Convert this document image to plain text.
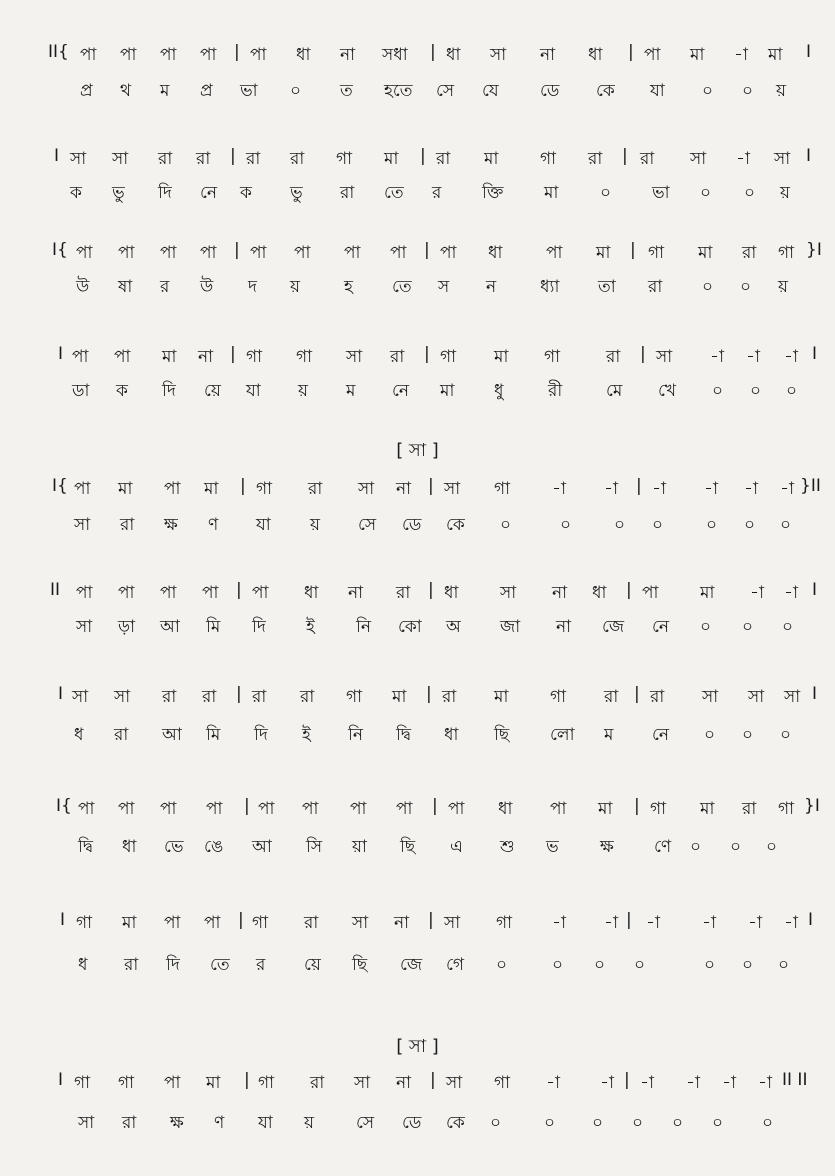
II{ পা পা পা পা | পা ধা না সধা | ধা সা না ধা | পা মা -া মা I
প্র থ ম প্র ভা ০ ত হতে সে যে ডে কে যা ০ ০ য়
I সা সা রা রা | রা রা গা মা | রা মা গা রা | রা সা -া সা I
ক ভু দি নে ক ভু রা তে র ক্তি মা ০ ভা ০ ০ য়
I{ পা পা পা পা | পা পা পা পা | পা ধা	পা মা | গা মা রা গা }I
উ ষা র উ দ য়	হ তে স ন	ধ্যা তা রা ০ ০ য়
I পা পা মা না | গা গা সা রা | গা মা গা	রা | সা -া -া -া I
ডা ক দি য়ে যা য় ম নে মা ধু	রী	মে খে ০ ০ ০
[ সা ]
I{ পা মা পা মা | গা রা সা না | সা গা -া -া | -া -া -া -া }II
সা রা ক্ষ ণ যা য় সে ডে কে ০	০	০ ০	০ ০ ০
II পা পা পা পা | পা ধা না রা | ধা সা না ধা | পা মা -া -া I
সা ড়া আ মি দি ই নি কো অ জা না জে নে ০ ০ ০
I সা সা রা রা | রা রা গা মা | রা মা গা রা | রা সা সা সা I
ধ রা আ মি দি ই নি দ্বি ধা ছি লো ম নে ০ ০ ০
I{ পা পা পা পা | পা পা পা পা | পা ধা পা মা | গা মা রা গা }I
দ্বি ধা ভে ঙে আ সি য়া ছি এ শু ভ ক্ষ ণে ০ ০ ০
I গা মা পা পা | গা রা সা না | সা গা -া -া | -া -া -া -া I
ধ রা দি তে র য়ে ছি জে গে ০	০ ০ ০	০ ০ ০
[ সা ]
I গা গা পা মা | গা রা সা না | সা গা -া -া | -া -া -া -া II II
সা রা ক্ষ ণ যা য় সে ডে কে ০	০ ০ ০ ০ ০ ০
